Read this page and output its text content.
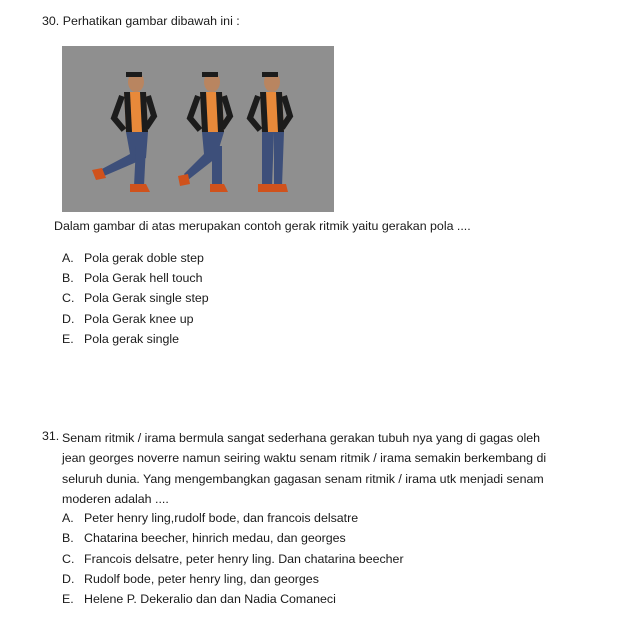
30. Perhatikan gambar dibawah ini :
Dalam gambar di atas merupakan contoh gerak ritmik yaitu gerakan pola ....
A. Pola gerak doble step
B. Pola Gerak hell touch
C. Pola Gerak single step
D. Pola Gerak knee up
E. Pola gerak single
31. Senam ritmik / irama bermula sangat sederhana gerakan tubuh nya yang di gagas oleh
jean georges noverre namun seiring waktu senam ritmik / irama semakin berkembang di
seluruh dunia. Yang mengembangkan gagasan senam ritmik / irama utk menjadi senam
moderen adalah ....
A. Peter henry ling,rudolf bode, dan francois delsatre
B. Chatarina beecher, hinrich medau, dan georges
C. Francois delsatre, peter henry ling. Dan chatarina beecher
D. Rudolf bode, peter henry ling, dan georges
E. Helene P. Dekeralio dan dan Nadia Comaneci
